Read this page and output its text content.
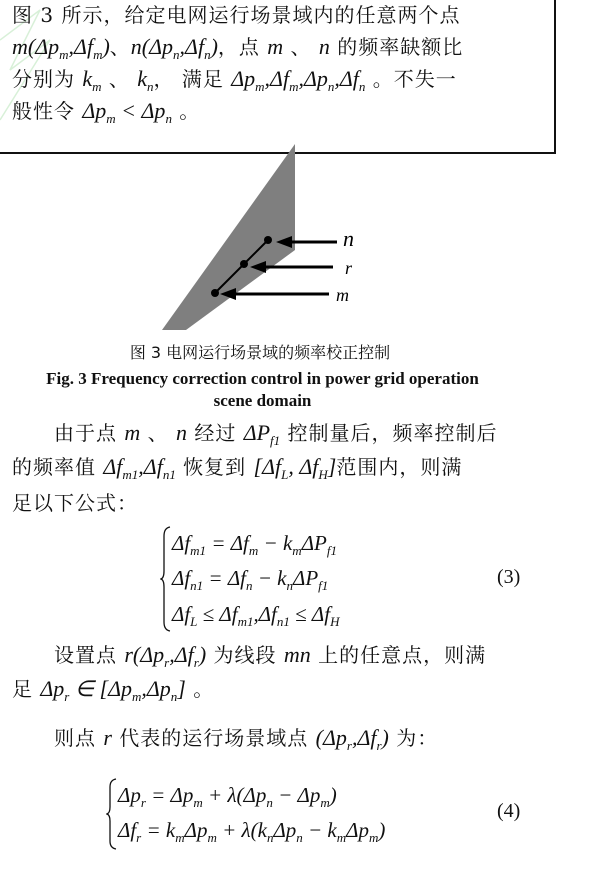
图 3 所示，给定电网运行场景域内的任意两个点
$m(\Delta p_m,\Delta f_m)$、$n(\Delta p_n,\Delta f_n)$，点 m 、 n 的频率缺额比
分别为 $k_m$ 、 $k_n$， 满足 $\Delta p_m,\Delta f_m,\Delta p_n,\Delta f_n$ 。不失一
般性令 $\Delta p_m < \Delta p_n$ 。
n
r
m
图 3 电网运行场景域的频率校正控制
Fig. 3 Frequency correction control in power grid operation
scene domain
　　由于点 m 、 n 经过 $\Delta P_{f1}$ 控制量后，频率控制后
的频率值 $\Delta f_{m1},\Delta f_{n1}$ 恢复到 [$\Delta f_L$, $\Delta f_H$]范围内，则满
足以下公式：
$\Delta f_{m1} = \Delta f_m - k_m\Delta P_{f1}$
$\Delta f_{n1} = \Delta f_n - k_n\Delta P_{f1}$
$\Delta f_L \le \Delta f_{m1},\Delta f_{n1} \le \Delta f_H$
(3)
　　设置点 $r(\Delta p_r,\Delta f_r)$ 为线段 mn 上的任意点，则满
足 $\Delta p_r$ ∈ $[\Delta p_m,\Delta p_n]$ 。
　　则点 r 代表的运行场景域点 $(\Delta p_r,\Delta f_r)$ 为：
$\Delta p_r = \Delta p_m + \lambda(\Delta p_n - \Delta p_m)$
$\Delta f_r = k_m\Delta p_m + \lambda(k_n\Delta p_n - k_m\Delta p_m)$
(4)
